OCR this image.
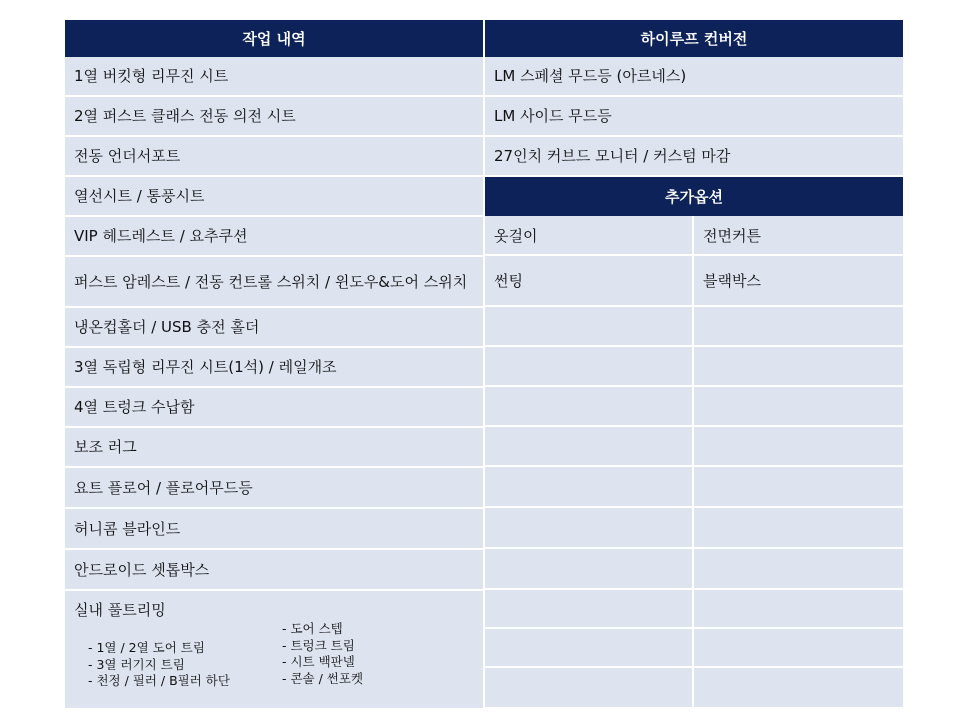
작업 내역
1열 버킷형 리무진 시트
2열 퍼스트 클래스 전동 의전 시트
전동 언더서포트
열선시트 / 통풍시트
VIP 헤드레스트 / 요추쿠션
퍼스트 암레스트 / 전동 컨트롤 스위치 / 윈도우&도어 스위치
냉온컵홀더 / USB 충전 홀더
3열 독립형 리무진 시트(1석) / 레일개조
4열 트렁크 수납함
보조 러그
요트 플로어 / 플로어무드등
허니콤 블라인드
안드로이드 셋톱박스
실내 풀트리밍
- 1열 / 2열 도어 트림
- 3열 러기지 트림
- 천정 / 필러 / B필러 하단
- 도어 스텝
- 트렁크 트림
- 시트 백판넬
- 콘솔 / 썬포켓
하이루프 컨버전
LM 스페셜 무드등 (아르네스)
LM 사이드 무드등
27인치 커브드 모니터 / 커스텀 마감
추가옵션
옷걸이	전면커튼
썬팅	블랙박스
